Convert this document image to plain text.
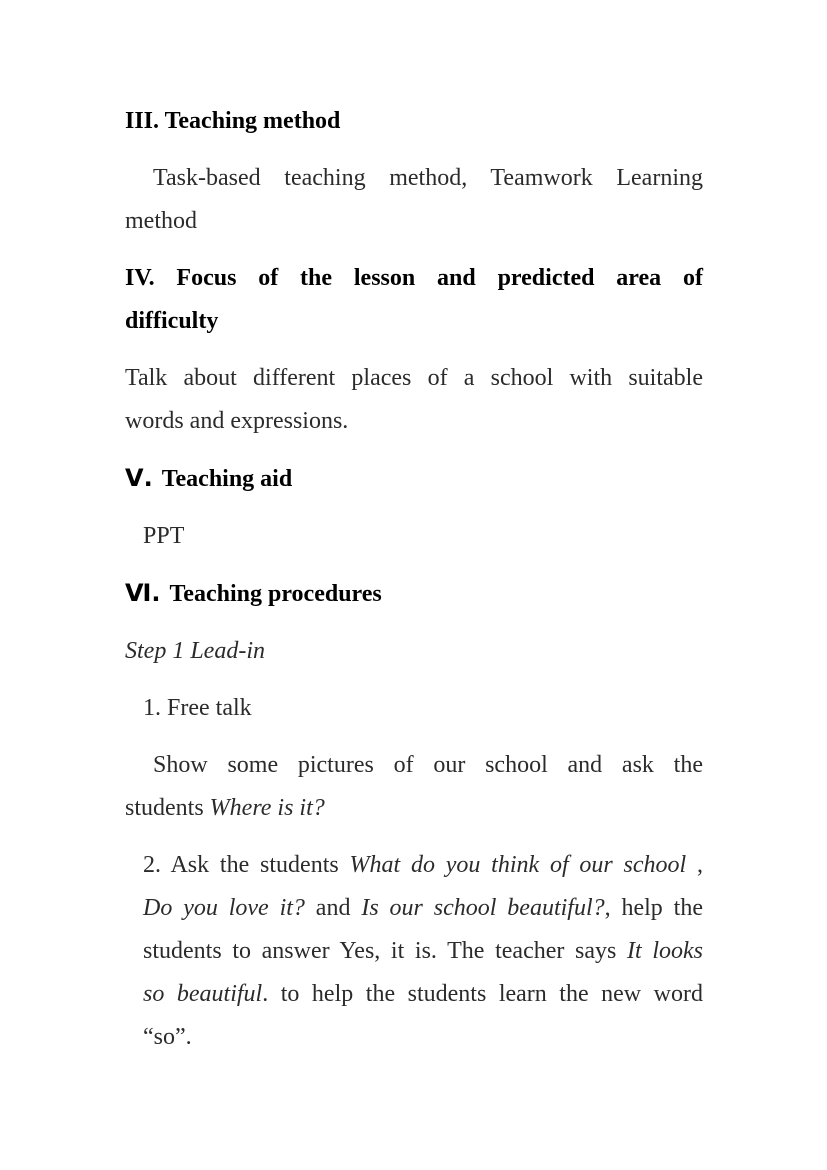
III. Teaching method
Task-based teaching method, Teamwork Learning
method
IV. Focus of the lesson and predicted area of
difficulty
Talk about different places of a school with suitable
words and expressions.
Ⅴ. Teaching aid
PPT
Ⅵ. Teaching procedures
Step 1 Lead-in
1. Free talk
Show some pictures of our school and ask the
students Where is it?
2. Ask the students What do you think of our school ,
Do you love it? and Is our school beautiful?, help the
students to answer Yes, it is. The teacher says It looks
so beautiful. to help the students learn the new word
“so”.
